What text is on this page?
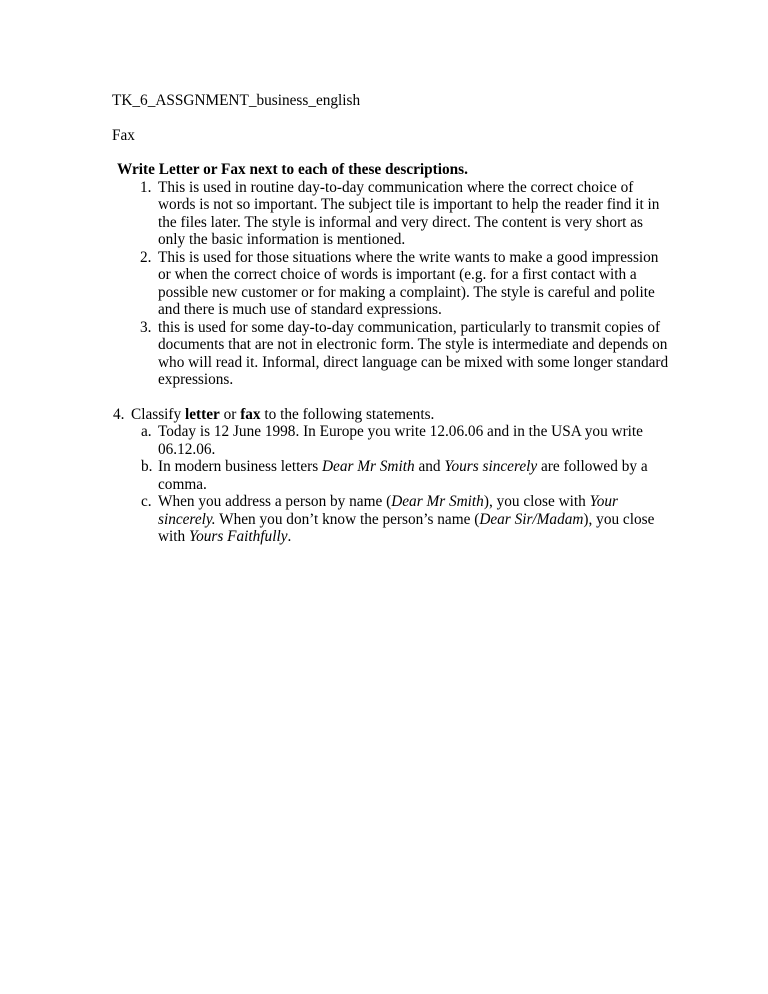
TK_6_ASSGNMENT_business_english
Fax
Write Letter or Fax next to each of these descriptions.
1. This is used in routine day-to-day communication where the correct choice of words is not so important. The subject tile is important to help the reader find it in the files later. The style is informal and very direct. The content is very short as only the basic information is mentioned.
2. This is used for those situations where the write wants to make a good impression or when the correct choice of words is important (e.g. for a first contact with a possible new customer or for making a complaint). The style is careful and polite and there is much use of standard expressions.
3. this is used for some day-to-day communication, particularly to transmit copies of documents that are not in electronic form. The style is intermediate and depends on who will read it. Informal, direct language can be mixed with some longer standard expressions.
4. Classify letter or fax to the following statements.
a. Today is 12 June 1998. In Europe you write 12.06.06 and in the USA you write 06.12.06.
b. In modern business letters Dear Mr Smith and Yours sincerely are followed by a comma.
c. When you address a person by name (Dear Mr Smith), you close with Your sincerely. When you don’t know the person’s name (Dear Sir/Madam), you close with Yours Faithfully.
